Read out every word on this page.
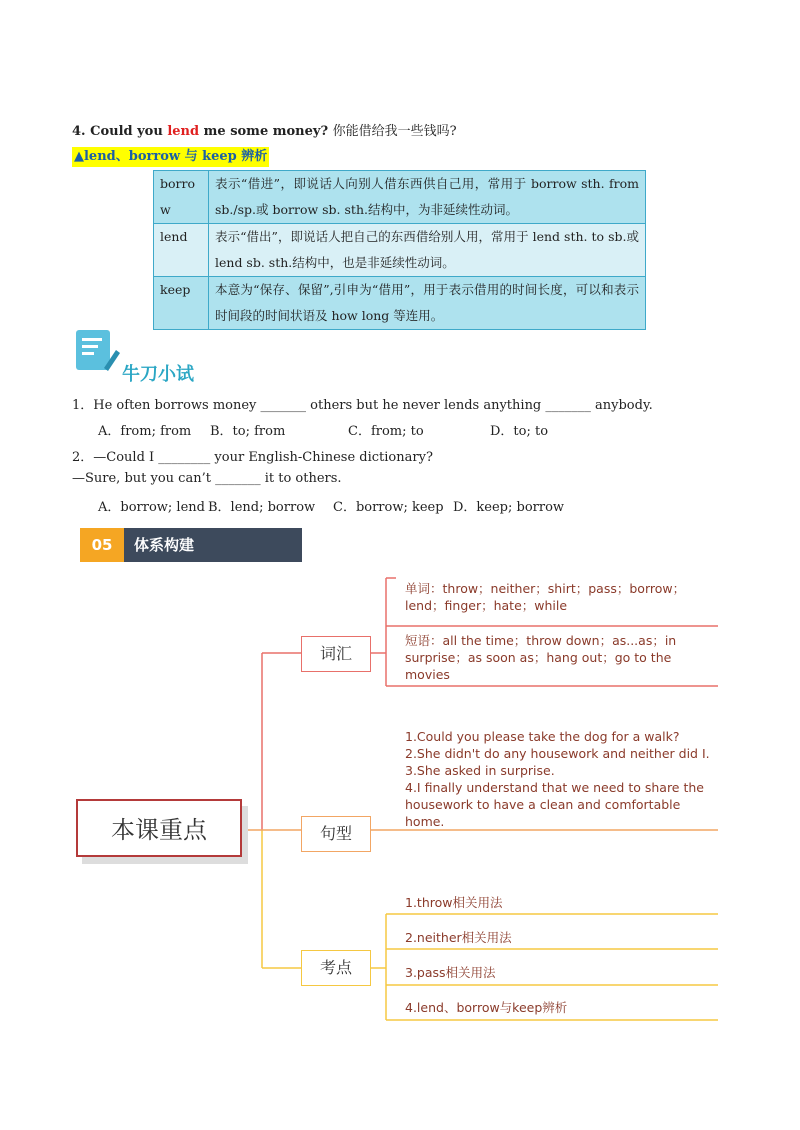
4. Could you lend me some money? 你能借给我一些钱吗?
▲lend、borrow 与 keep 辨析
borrow	表示“借进”，即说话人向别人借东西供自己用，常用于 borrow sth. from sb./sp.或 borrow sb. sth.结构中，为非延续性动词。
lend	表示“借出”，即说话人把自己的东西借给别人用，常用于 lend sth. to sb.或 lend sb. sth.结构中，也是非延续性动词。
keep	本意为“保存、保留”,引申为“借用”，用于表示借用的时间长度，可以和表示时间段的时间状语及 how long 等连用。
牛刀小试
1．He often borrows money _______ others but he never lends anything _______ anybody.
A．from; from B．to; from	C．from; to	D．to; to
2．—Could I ________ your English-Chinese dictionary?
—Sure, but you can’t _______ it to others.
A．borrow; lend B．lend; borrow C．borrow; keep D．keep; borrow
05	体系构建
本课重点
词汇
句型
考点
单词：throw；neither；shirt；pass；borrow；lend；finger；hate；while
短语：all the time；throw down；as...as；in surprise；as soon as；hang out；go to the movies
1.Could you please take the dog for a walk?
2.She didn't do any housework and neither did I.
3.She asked in surprise.
4.I finally understand that we need to share the housework to have a clean and comfortable home.
1.throw相关用法
2.neither相关用法
3.pass相关用法
4.lend、borrow与keep辨析
